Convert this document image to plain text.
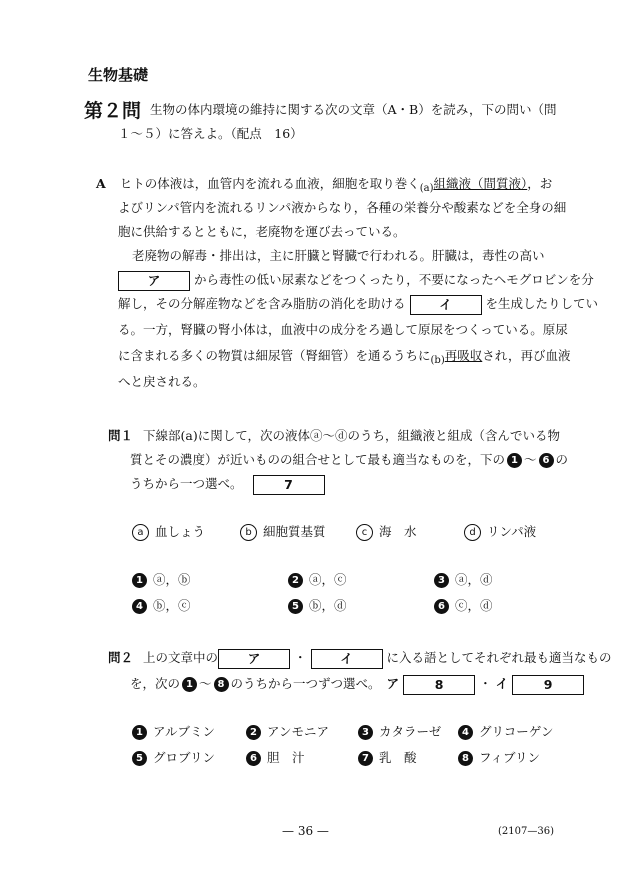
生物基礎
第２問 生物の体内環境の維持に関する次の文章（A・B）を読み，下の問い（問
１～５）に答えよ。（配点　16）
A ヒトの体液は，血管内を流れる血液，細胞を取り巻く$_{(a)}$組織液（間質液），お
よびリンパ管内を流れるリンパ液からなり，各種の栄養分や酸素などを全身の細
胞に供給するとともに，老廃物を運び去っている。
老廃物の解毒・排出は，主に肝臓と腎臓で行われる。肝臓は，毒性の高い
ア	から毒性の低い尿素などをつくったり，不要になったヘモグロビンを分
解し，その分解産物などを含み脂肪の消化を助ける	イ	を生成したりしてい
る。一方，腎臓の腎小体は，血液中の成分をろ過して原尿をつくっている。原尿
に含まれる多くの物質は細尿管（腎細管）を通るうちに$_{(b)}$再吸収され，再び血液
へと戻される。
問１ 下線部(a)に関して，次の液体ⓐ～ⓓのうち，組織液と組成（含んでいる物
質とその濃度）が近いものの組合せとして最も適当なものを，下の 1 ～ 6 の
うちから一つ選べ。	7
a 血しょう	b 細胞質基質	c 海　水	d リンパ液
1 ⓐ，ⓑ	2 ⓐ，ⓒ	3 ⓐ，ⓓ
4 ⓑ，ⓒ	5 ⓑ，ⓓ	6 ⓒ，ⓓ
問２ 上の文章中の ア	・	イ	に入る語としてそれぞれ最も適当なもの
を，次の 1 ～ 8 のうちから一つずつ選べ。 ア	8	・ イ	9
1 アルブミン	2 アンモニア	3 カタラーゼ	4 グリコーゲン
5 グロブリン	6 胆　汁	7 乳　酸	8 フィブリン
— 36 —	(2107—36)
